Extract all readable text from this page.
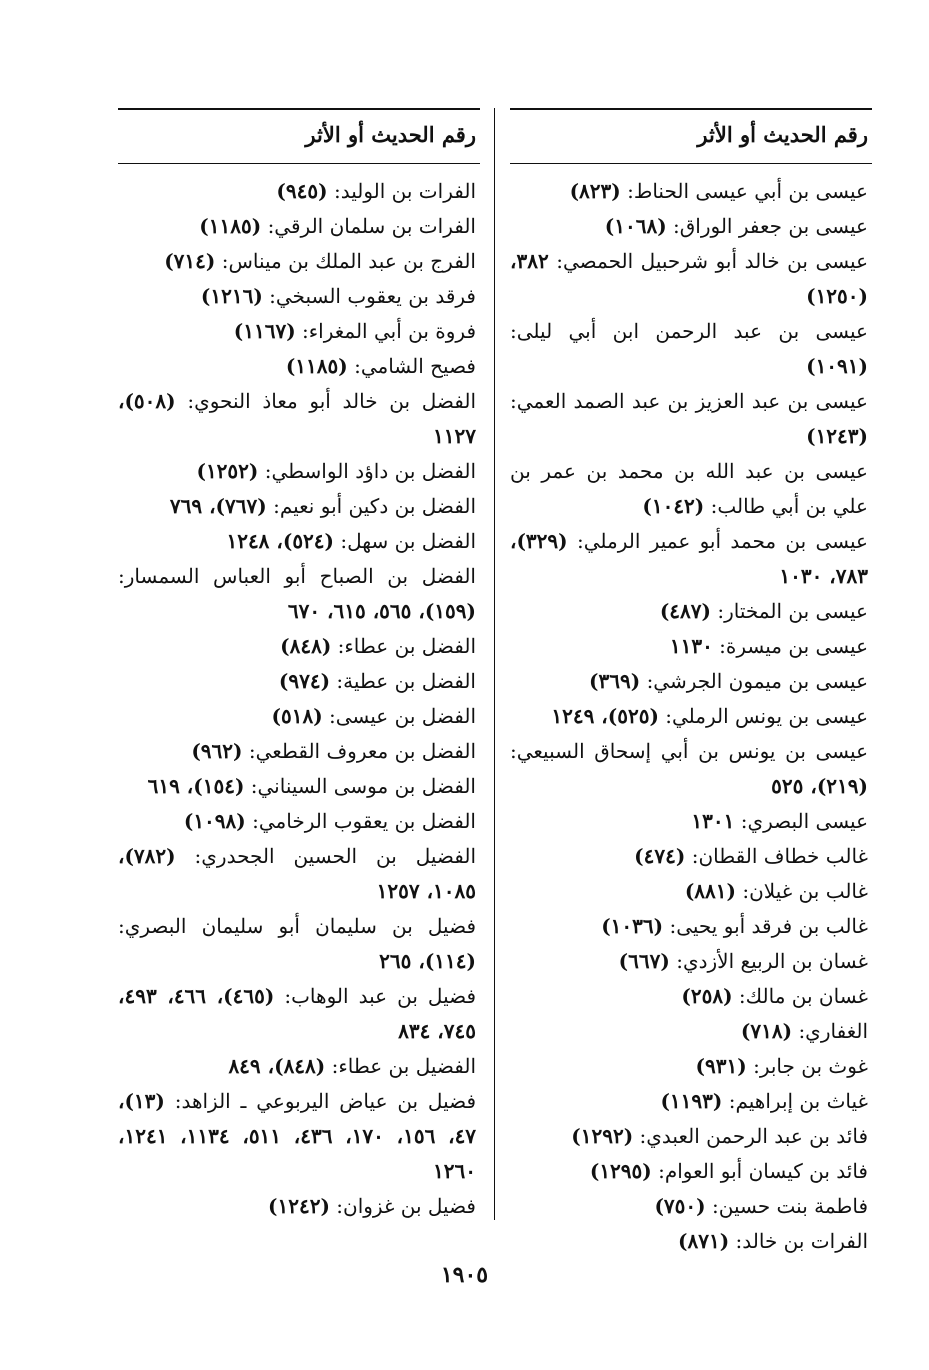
رقم الحديث أو الأثر

عيسى بن أبي عيسى الحناط: (٨٢٣)

عيسى بن جعفر الوراق: (١٠٦٨)

عيسى بن خالد أبو شرحبيل الحمصي: ٣٨٢، (١٢٥٠)

عيسى بن عبد الرحمن ابن أبي ليلى: (١٠٩١)

عيسى بن عبد العزيز بن عبد الصمد العمي: (١٢٤٣)

عيسى بن عبد الله بن محمد بن عمر بن علي بن أبي طالب: (١٠٤٢)

عيسى بن محمد أبو عمير الرملي: (٣٢٩)، ٧٨٣، ١٠٣٠

عيسى بن المختار: (٤٨٧)

عيسى بن ميسرة: ١١٣٠

عيسى بن ميمون الجرشي: (٣٦٩)

عيسى بن يونس الرملي: (٥٢٥)، ١٢٤٩

عيسى بن يونس بن أبي إسحاق السبيعي: (٢١٩)، ٥٢٥

عيسى البصري: ١٣٠١

غالب خطاف القطان: (٤٧٤)

غالب بن غيلان: (٨٨١)

غالب بن فرقد أبو يحيى: (١٠٣٦)

غسان بن الربيع الأزدي: (٦٦٧)

غسان بن مالك: (٢٥٨)

الغفاري: (٧١٨)

غوث بن جابر: (٩٣١)

غياث بن إبراهيم: (١١٩٣)

فائد بن عبد الرحمن العبدي: (١٢٩٢)

فائد بن كيسان أبو العوام: (١٢٩٥)

فاطمة بنت حسين: (٧٥٠)

الفرات بن خالد: (٨٧١)

رقم الحديث أو الأثر

الفرات بن الوليد: (٩٤٥)

الفرات بن سلمان الرقي: (١١٨٥)

الفرج بن عبد الملك بن ميناس: (٧١٤)

فرقد بن يعقوب السبخي: (١٢١٦)

فروة بن أبي المغراء: (١١٦٧)

فصيح الشامي: (١١٨٥)

الفضل بن خالد أبو معاذ النحوي: (٥٠٨)، ١١٢٧

الفضل بن داؤد الواسطي: (١٢٥٢)

الفضل بن دكين أبو نعيم: (٧٦٧)، ٧٦٩

الفضل بن سهل: (٥٢٤)، ١٢٤٨

الفضل بن الصباح أبو العباس السمسار: (١٥٩)، ٥٦٥، ٦١٥، ٦٧٠

الفضل بن عطاء: (٨٤٨)

الفضل بن عطية: (٩٧٤)

الفضل بن عيسى: (٥١٨)

الفضل بن معروف القطعي: (٩٦٢)

الفضل بن موسى السيناني: (١٥٤)، ٦١٩

الفضل بن يعقوب الرخامي: (١٠٩٨)

الفضيل بن الحسين الجحدري: (٧٨٢)، ١٠٨٥، ١٢٥٧

فضيل بن سليمان أبو سليمان البصري: (١١٤)، ٢٦٥

فضيل بن عبد الوهاب: (٤٦٥)، ٤٦٦، ٤٩٣، ٧٤٥، ٨٣٤

الفضيل بن عطاء: (٨٤٨)، ٨٤٩

فضيل بن عياض اليربوعي ـ الزاهد: (١٣)، ٤٧، ١٥٦، ١٧٠، ٤٣٦، ٥١١، ١١٣٤، ١٢٤١، ١٢٦٠

فضيل بن غزوان: (١٢٤٢)

١٩٠٥
